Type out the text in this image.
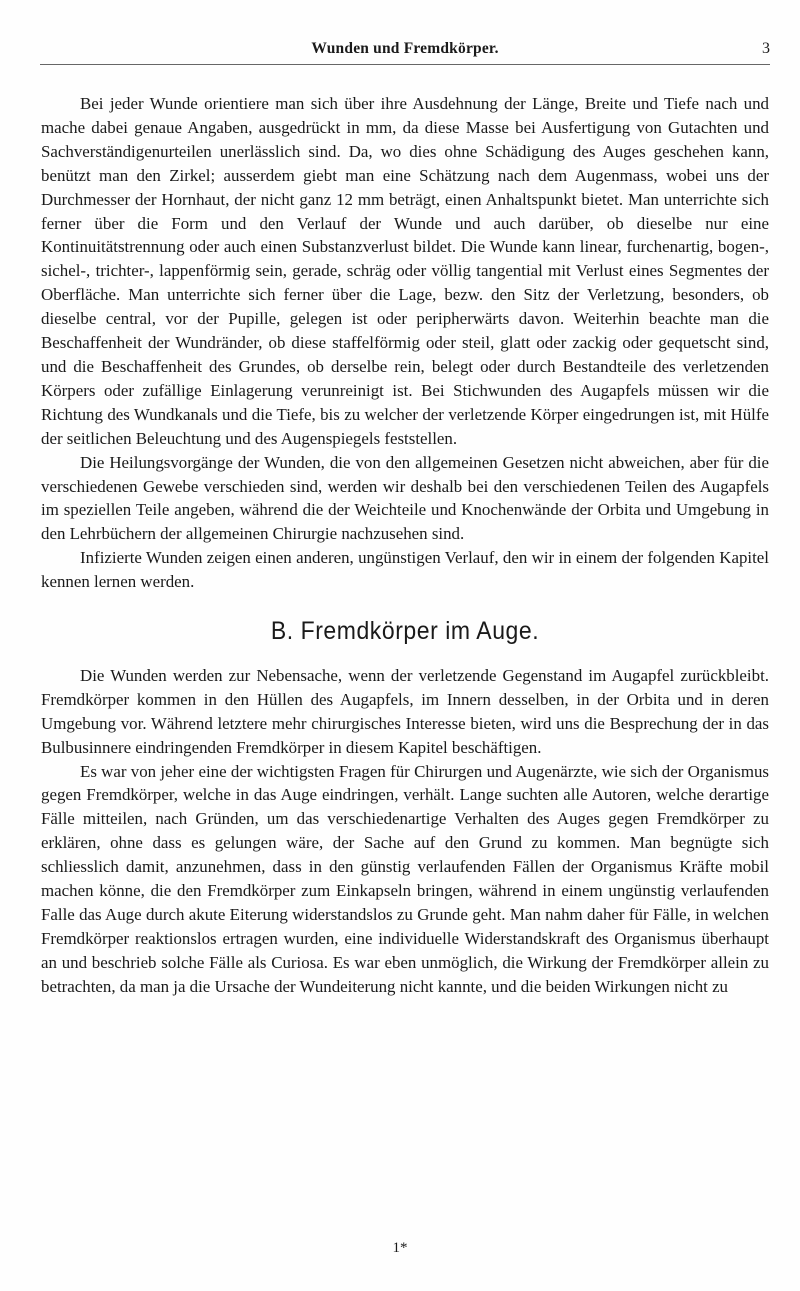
Wunden und Fremdkörper.	3

Bei jeder Wunde orientiere man sich über ihre Ausdehnung der Länge, Breite und Tiefe nach und mache dabei genaue Angaben, ausgedrückt in mm, da diese Masse bei Ausfertigung von Gutachten und Sachverständigenurteilen unerlässlich sind. Da, wo dies ohne Schädigung des Auges geschehen kann, benützt man den Zirkel; ausserdem giebt man eine Schätzung nach dem Augenmass, wobei uns der Durchmesser der Hornhaut, der nicht ganz 12 mm beträgt, einen Anhaltspunkt bietet. Man unterrichte sich ferner über die Form und den Verlauf der Wunde und auch darüber, ob dieselbe nur eine Kontinuitätstrennung oder auch einen Substanzverlust bildet. Die Wunde kann linear, furchenartig, bogen-, sichel-, trichter-, lappenförmig sein, gerade, schräg oder völlig tangential mit Verlust eines Segmentes der Oberfläche. Man unterrichte sich ferner über die Lage, bezw. den Sitz der Verletzung, besonders, ob dieselbe central, vor der Pupille, gelegen ist oder peripherwärts davon. Weiterhin beachte man die Beschaffenheit der Wundränder, ob diese staffelförmig oder steil, glatt oder zackig oder gequetscht sind, und die Beschaffenheit des Grundes, ob derselbe rein, belegt oder durch Bestandteile des verletzenden Körpers oder zufällige Einlagerung verunreinigt ist. Bei Stichwunden des Augapfels müssen wir die Richtung des Wundkanals und die Tiefe, bis zu welcher der verletzende Körper eingedrungen ist, mit Hülfe der seitlichen Beleuchtung und des Augenspiegels feststellen.

Die Heilungsvorgänge der Wunden, die von den allgemeinen Gesetzen nicht abweichen, aber für die verschiedenen Gewebe verschieden sind, werden wir deshalb bei den verschiedenen Teilen des Augapfels im speziellen Teile angeben, während die der Weichteile und Knochenwände der Orbita und Umgebung in den Lehrbüchern der allgemeinen Chirurgie nachzusehen sind.

Infizierte Wunden zeigen einen anderen, ungünstigen Verlauf, den wir in einem der folgenden Kapitel kennen lernen werden.

B. Fremdkörper im Auge.

Die Wunden werden zur Nebensache, wenn der verletzende Gegenstand im Augapfel zurückbleibt. Fremdkörper kommen in den Hüllen des Augapfels, im Innern desselben, in der Orbita und in deren Umgebung vor. Während letztere mehr chirurgisches Interesse bieten, wird uns die Besprechung der in das Bulbusinnere eindringenden Fremdkörper in diesem Kapitel beschäftigen.

Es war von jeher eine der wichtigsten Fragen für Chirurgen und Augenärzte, wie sich der Organismus gegen Fremdkörper, welche in das Auge eindringen, verhält. Lange suchten alle Autoren, welche derartige Fälle mitteilen, nach Gründen, um das verschiedenartige Verhalten des Auges gegen Fremdkörper zu erklären, ohne dass es gelungen wäre, der Sache auf den Grund zu kommen. Man begnügte sich schliesslich damit, anzunehmen, dass in den günstig verlaufenden Fällen der Organismus Kräfte mobil machen könne, die den Fremdkörper zum Einkapseln bringen, während in einem ungünstig verlaufenden Falle das Auge durch akute Eiterung widerstandslos zu Grunde geht. Man nahm daher für Fälle, in welchen Fremdkörper reaktionslos ertragen wurden, eine individuelle Widerstandskraft des Organismus überhaupt an und beschrieb solche Fälle als Curiosa. Es war eben unmöglich, die Wirkung der Fremdkörper allein zu betrachten, da man ja die Ursache der Wundeiterung nicht kannte, und die beiden Wirkungen nicht zu

1*
